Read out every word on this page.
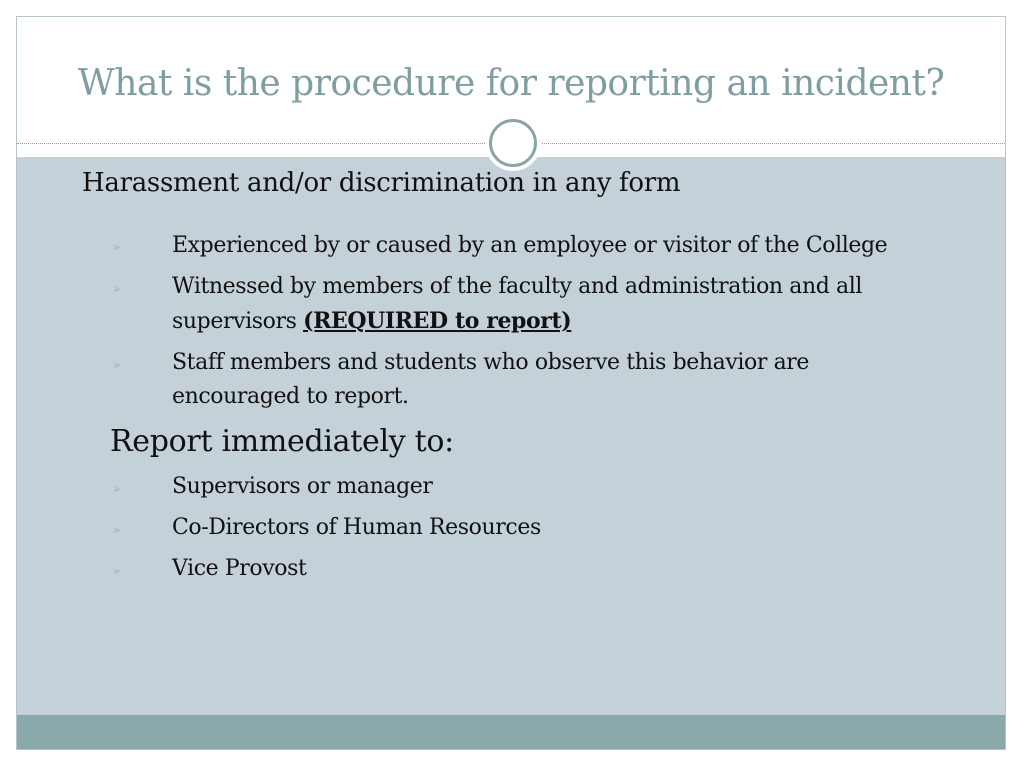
What is the procedure for reporting an incident?
Harassment and/or discrimination in any form
➢ Experienced by or caused by an employee or visitor of the College
➢ Witnessed by members of the faculty and administration and all
supervisors (REQUIRED to report)
➢ Staff members and students who observe this behavior are
encouraged to report.
Report immediately to:
➢ Supervisors or manager
➢ Co-Directors of Human Resources
➢ Vice Provost
